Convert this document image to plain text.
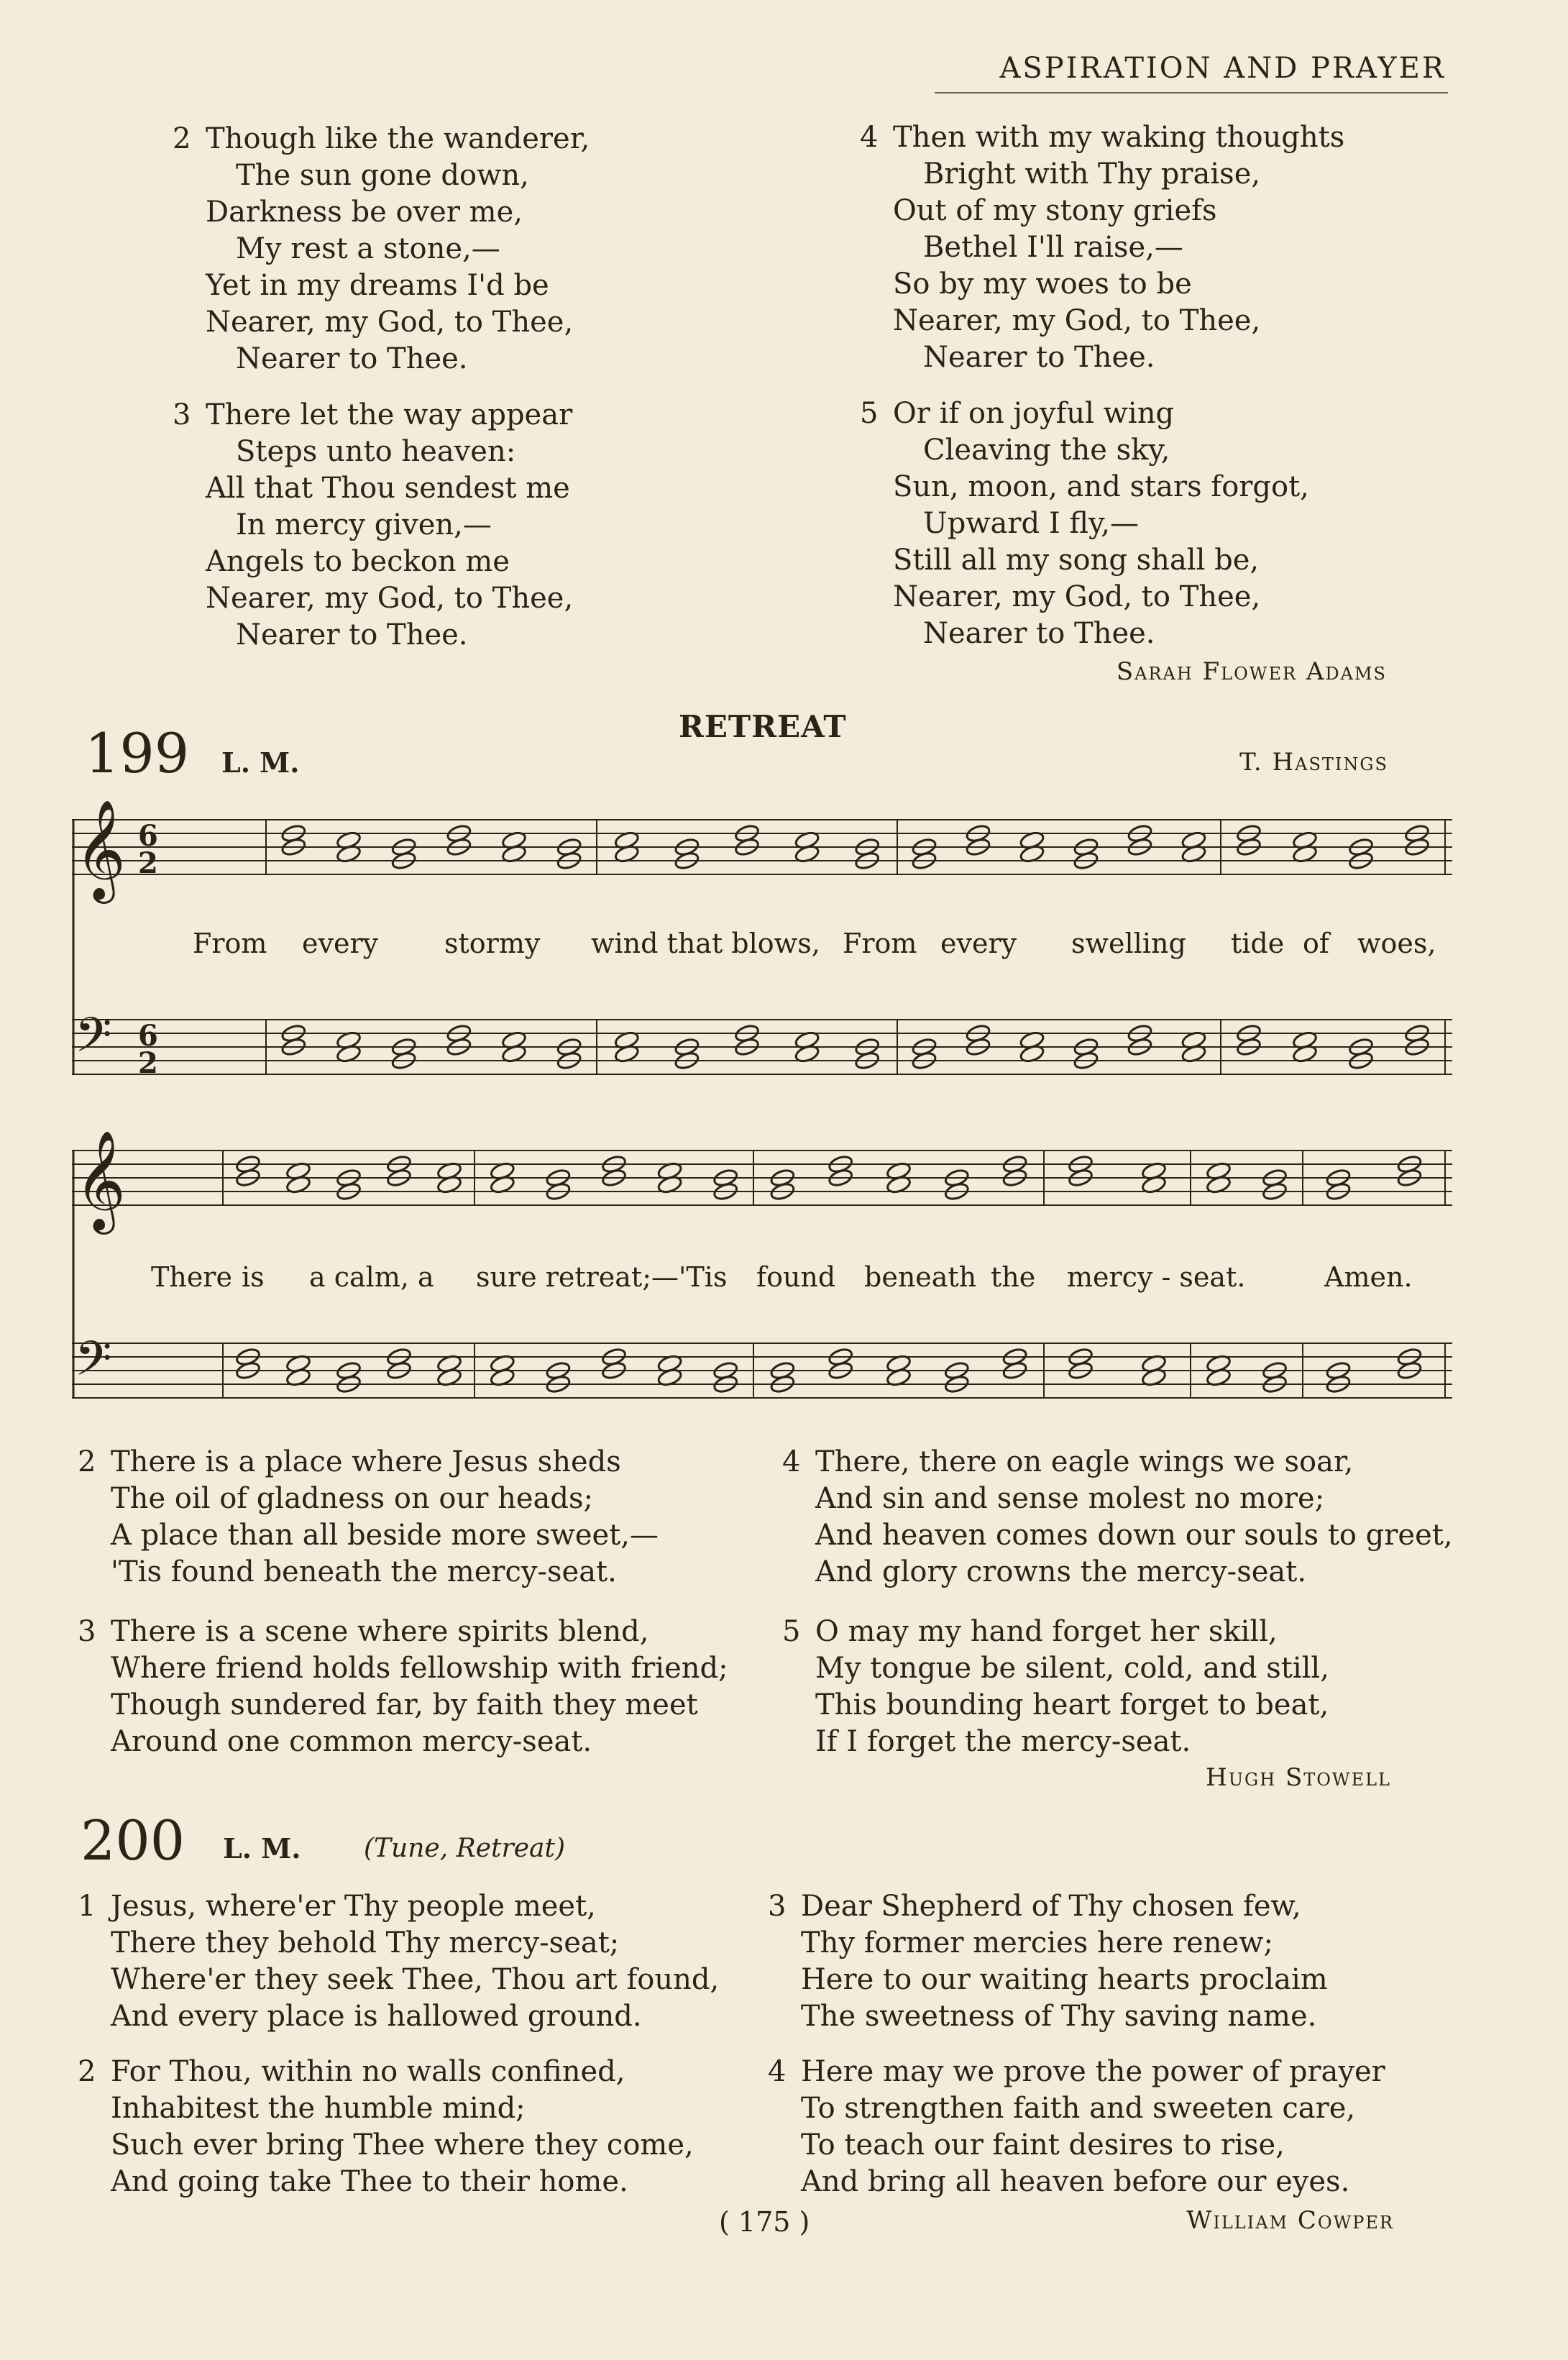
ASPIRATION AND PRAYER
2 Though like the wanderer,
The sun gone down,
Darkness be over me,
My rest a stone,—
Yet in my dreams I'd be
Nearer, my God, to Thee,
Nearer to Thee.
3 There let the way appear
Steps unto heaven:
All that Thou sendest me
In mercy given,—
Angels to beckon me
Nearer, my God, to Thee,
Nearer to Thee.
4 Then with my waking thoughts
Bright with Thy praise,
Out of my stony griefs
Bethel I'll raise,—
So by my woes to be
Nearer, my God, to Thee,
Nearer to Thee.
5 Or if on joyful wing
Cleaving the sky,
Sun, moon, and stars forgot,
Upward I fly,—
Still all my song shall be,
Nearer, my God, to Thee,
Nearer to Thee.
Sarah Flower Adams
199 L. M.
RETREAT
T. Hastings
𝄞 6
2
𝄢 6
2
From every stormy wind that blows, From every swelling tide of woes,
𝄞
𝄢
There is a calm, a sure retreat;—'Tis found beneath the mercy - seat.	Amen.
2 There is a place where Jesus sheds
The oil of gladness on our heads;
A place than all beside more sweet,—
'Tis found beneath the mercy-seat.
3 There is a scene where spirits blend,
Where friend holds fellowship with friend;
Though sundered far, by faith they meet
Around one common mercy-seat.
4 There, there on eagle wings we soar,
And sin and sense molest no more;
And heaven comes down our souls to greet,
And glory crowns the mercy-seat.
5 O may my hand forget her skill,
My tongue be silent, cold, and still,
This bounding heart forget to beat,
If I forget the mercy-seat.
Hugh Stowell
200 L. M. (Tune, Retreat)
1 Jesus, where'er Thy people meet,
There they behold Thy mercy-seat;
Where'er they seek Thee, Thou art found,
And every place is hallowed ground.
2 For Thou, within no walls confined,
Inhabitest the humble mind;
Such ever bring Thee where they come,
And going take Thee to their home.
3 Dear Shepherd of Thy chosen few,
Thy former mercies here renew;
Here to our waiting hearts proclaim
The sweetness of Thy saving name.
4 Here may we prove the power of prayer
To strengthen faith and sweeten care,
To teach our faint desires to rise,
And bring all heaven before our eyes.
( 175 )	William Cowper
